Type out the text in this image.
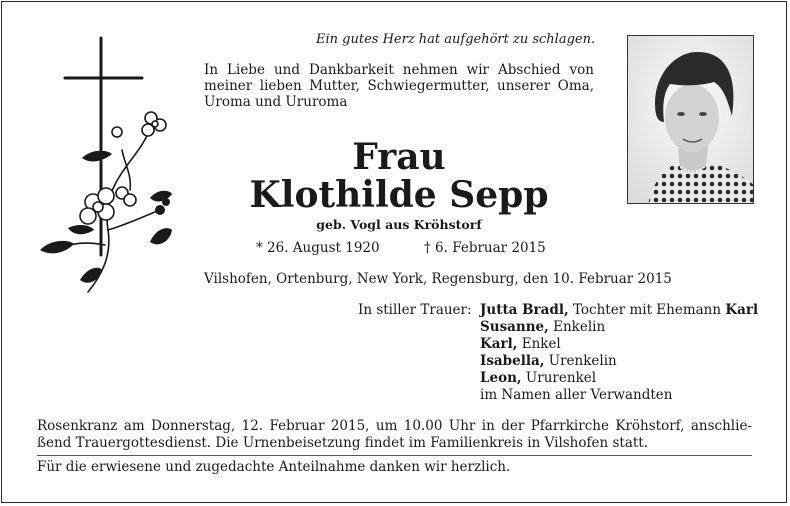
Ein gutes Herz hat aufgehört zu schlagen.
In Liebe und Dankbarkeit nehmen wir Abschied von meiner lieben Mutter, Schwiegermutter, unserer Oma, Uroma und Ururoma
Frau
Klothilde Sepp
geb. Vogl aus Kröhstorf
* 26. August 1920	† 6. Februar 2015
Vilshofen, Ortenburg, New York, Regensburg, den 10. Februar 2015
In stiller Trauer: Jutta Bradl, Tochter mit Ehemann Karl
Susanne, Enkelin
Karl, Enkel
Isabella, Urenkelin
Leon, Ururenkel
im Namen aller Verwandten
Rosenkranz am Donnerstag, 12. Februar 2015, um 10.00 Uhr in der Pfarrkirche Kröhstorf, anschlie-ßend Trauergottesdienst. Die Urnenbeisetzung findet im Familienkreis in Vilshofen statt.
Für die erwiesene und zugedachte Anteilnahme danken wir herzlich.
